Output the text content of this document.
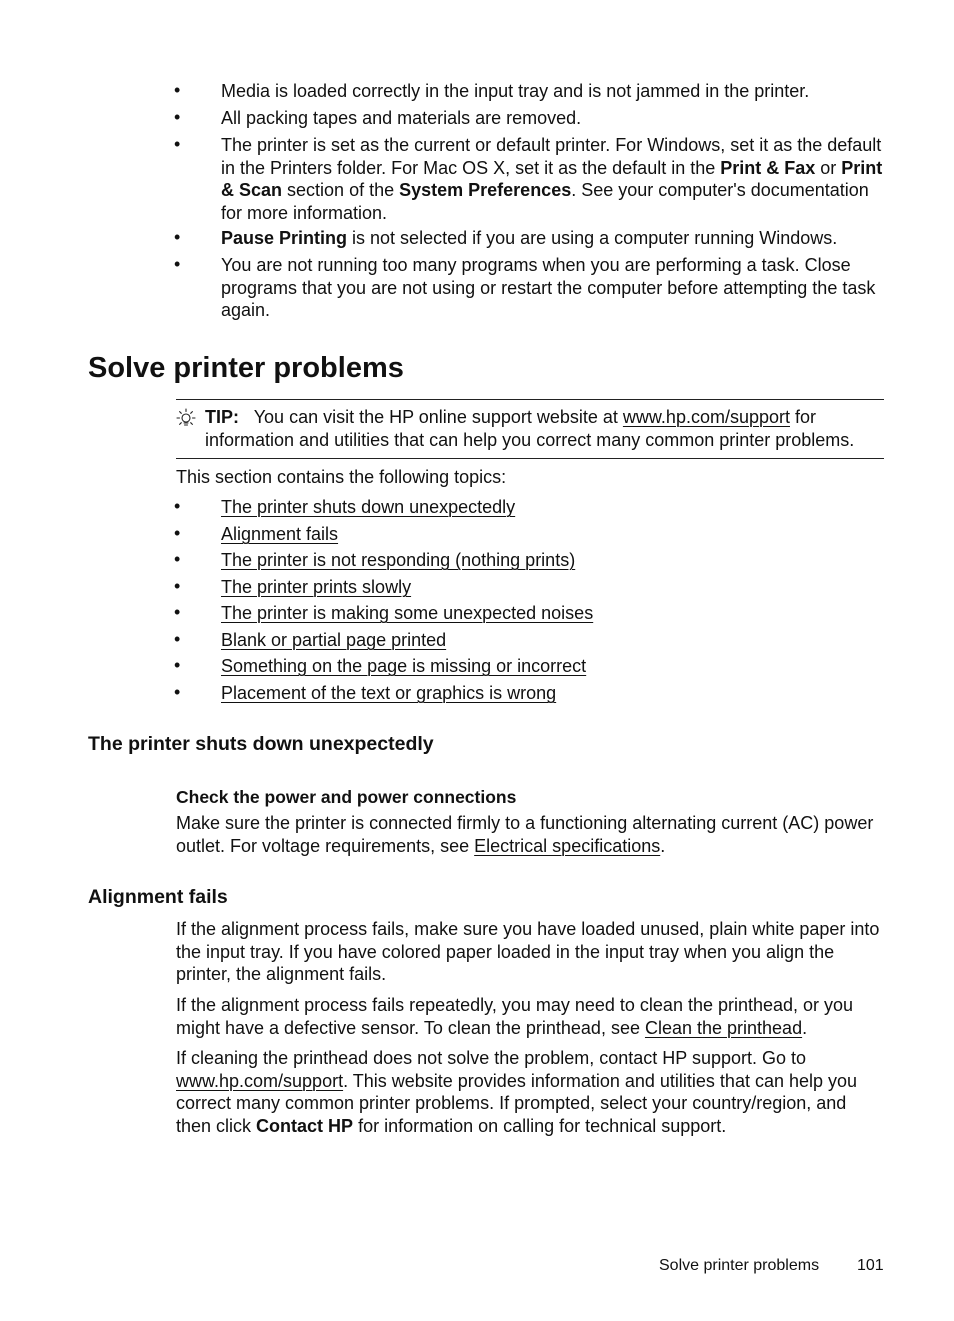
•	Media is loaded correctly in the input tray and is not jammed in the printer.
•	All packing tapes and materials are removed.
•	The printer is set as the current or default printer. For Windows, set it as the default in the Printers folder. For Mac OS X, set it as the default in the Print & Fax or Print & Scan section of the System Preferences. See your computer's documentation for more information.
•	Pause Printing is not selected if you are using a computer running Windows.
•	You are not running too many programs when you are performing a task. Close programs that you are not using or restart the computer before attempting the task again.
Solve printer problems
TIP: You can visit the HP online support website at www.hp.com/support for information and utilities that can help you correct many common printer problems.

This section contains the following topics:

•	The printer shuts down unexpectedly
•	Alignment fails
•	The printer is not responding (nothing prints)
•	The printer prints slowly
•	The printer is making some unexpected noises
•	Blank or partial page printed
•	Something on the page is missing or incorrect
•	Placement of the text or graphics is wrong
The printer shuts down unexpectedly
Check the power and power connections

Make sure the printer is connected firmly to a functioning alternating current (AC) power outlet. For voltage requirements, see Electrical specifications.

Alignment fails

If the alignment process fails, make sure you have loaded unused, plain white paper into the input tray. If you have colored paper loaded in the input tray when you align the printer, the alignment fails.

If the alignment process fails repeatedly, you may need to clean the printhead, or you might have a defective sensor. To clean the printhead, see Clean the printhead.

If cleaning the printhead does not solve the problem, contact HP support. Go to www.hp.com/support. This website provides information and utilities that can help you correct many common printer problems. If prompted, select your country/region, and then click Contact HP for information on calling for technical support.

Solve printer problems 101
